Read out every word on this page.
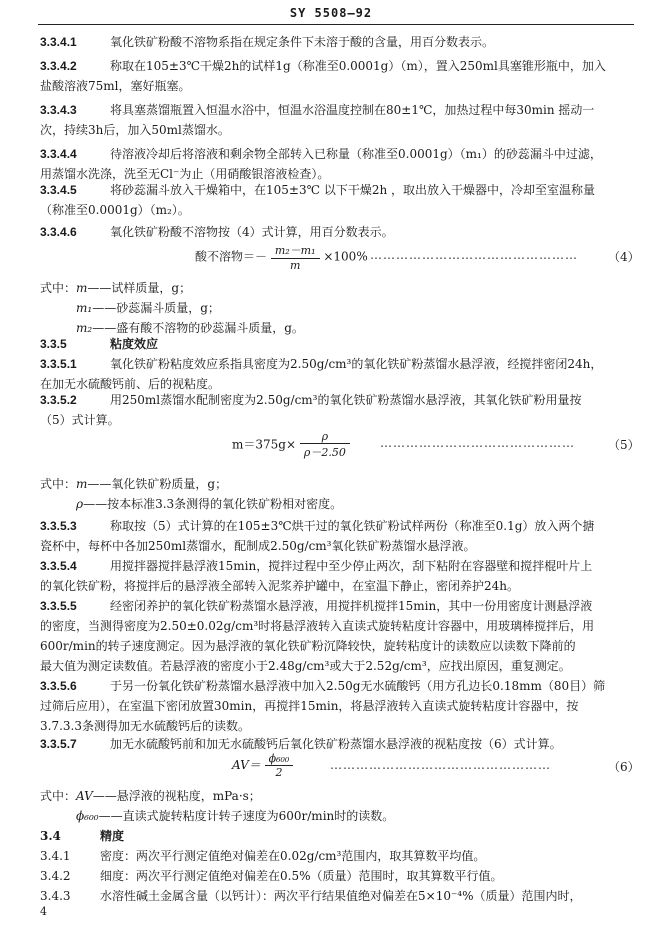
SY 5508—92
3.3.4.1	氧化铁矿粉酸不溶物系指在规定条件下未溶于酸的含量，用百分数表示。
3.3.4.2	称取在105±3℃干燥2h的试样1g（称准至0.0001g）（m），置入250ml具塞锥形瓶中，加入
盐酸溶液75ml，塞好瓶塞。
3.3.4.3	将具塞蒸馏瓶置入恒温水浴中，恒温水浴温度控制在80±1℃，加热过程中每30min 摇动一
次，持续3h后，加入50ml蒸馏水。
3.3.4.4	待溶液冷却后将溶液和剩余物全部转入已称量（称准至0.0001g）（m₁）的砂蕊漏斗中过滤，
用蒸馏水洗涤，洗至无Cl⁻为止（用硝酸银溶液检查）。
3.3.4.5	将砂蕊漏斗放入干燥箱中，在105±3℃ 以下干燥2h ，取出放入干燥器中，冷却至室温称量
（称准至0.0001g）（m₂）。
3.3.4.6	氧化铁矿粉酸不溶物按（4）式计算，用百分数表示。
酸不溶物＝－ $\frac{\text{m₂－m₁}}{m} \times 100\%$ …………………………………………	（4）
式中：m——试样质量，g；
m₁——砂蕊漏斗质量，g；
m₂——盛有酸不溶物的砂蕊漏斗质量，g。
3.3.5	粘度效应
3.3.5.1	氧化铁矿粉粘度效应系指具密度为2.50g/cm³的氧化铁矿粉蒸馏水悬浮液，经搅拌密闭24h，
在加无水硫酸钙前、后的视粘度。
3.3.5.2	用250ml蒸馏水配制密度为2.50g/cm³的氧化铁矿粉蒸馏水悬浮液，其氧化铁矿粉用量按
（5）式计算。
$m=375g\times \frac{\rho}{\rho-2.50}$	………………………………………	（5）
式中：m——氧化铁矿粉质量，g；
ρ——按本标准3.3条测得的氧化铁矿粉相对密度。
3.3.5.3	称取按（5）式计算的在105±3℃烘干过的氧化铁矿粉试样两份（称准至0.1g）放入两个搪
瓷杯中，每杯中各加250ml蒸馏水，配制成2.50g/cm³氧化铁矿粉蒸馏水悬浮液。
3.3.5.4	用搅拌器搅拌悬浮液15min，搅拌过程中至少停止两次，刮下粘附在容器壁和搅拌棍叶片上
的氧化铁矿粉，将搅拌后的悬浮液全部转入泥浆养护罐中，在室温下静止，密闭养护24h。
3.3.5.5	经密闭养护的氧化铁矿粉蒸馏水悬浮液，用搅拌机搅拌15min，其中一份用密度计测悬浮液
的密度，当测得密度为2.50±0.02g/cm³时将悬浮液转入直读式旋转粘度计容器中，用玻璃棒搅拌后，用
600r/min的转子速度测定。因为悬浮液的氧化铁矿粉沉降较快，旋转粘度计的读数应以读数下降前的
最大值为测定读数值。若悬浮液的密度小于2.48g/cm³或大于2.52g/cm³，应找出原因，重复测定。
3.3.5.6	于另一份氧化铁矿粉蒸馏水悬浮液中加入2.50g无水硫酸钙（用方孔边长0.18mm（80目）筛
过筛后应用），在室温下密闭放置30min，再搅拌15min，将悬浮液转入直读式旋转粘度计容器中，按
3.7.3.3条测得加无水硫酸钙后的读数。
3.3.5.7	加无水硫酸钙前和加无水硫酸钙后氧化铁矿粉蒸馏水悬浮液的视粘度按（6）式计算。
$AV= \frac{\text{ϕ₆₀₀}}{2}$	……………………………………………	（6）
式中：AV——悬浮液的视粘度，mPa·s；
ϕ₆₀₀——直读式旋转粘度计转子速度为600r/min时的读数。
3.4	精度
3.4.1 密度：两次平行测定值绝对偏差在0.02g/cm³范围内，取其算数平均值。
3.4.2 细度：两次平行测定值绝对偏差在0.5%（质量）范围时，取其算数平行值。
3.4.3 水溶性碱土金属含量（以钙计）：两次平行结果值绝对偏差在5×10⁻⁴%（质量）范围内时，
4
